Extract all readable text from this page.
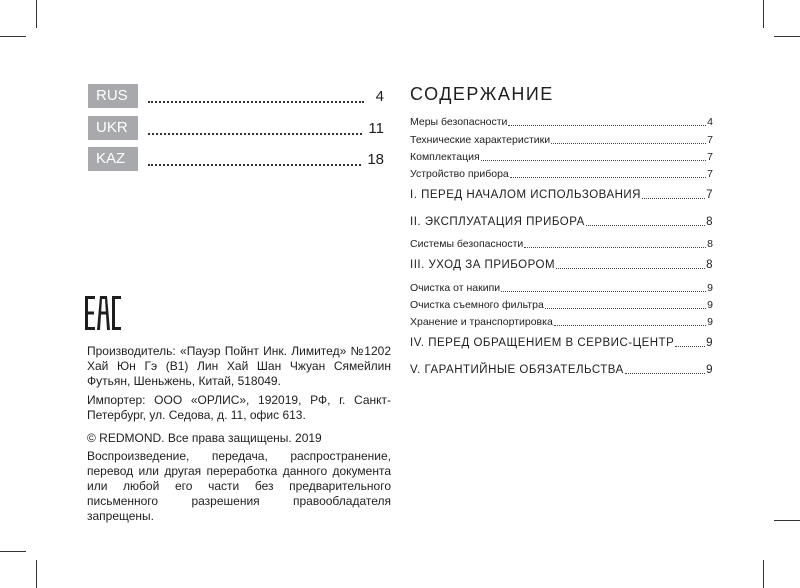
RUS	4
UKR	11
KAZ	18
Производитель: «Пауэр Пойнт Инк. Лимитед» №1202 Хай Юн Гэ (B1) Лин Хай Шан Чжуан Сямейлин Футьян, Шеньжень, Китай, 518049.
Импортер: ООО «ОРЛИС», 192019, РФ, г. Санкт-Петербург, ул. Седова, д. 11, офис 613.
© REDMOND. Все права защищены. 2019
Воспроизведение, передача, распространение, перевод или другая переработка данного документа или любой его части без предварительного письменного разрешения правообладателя запрещены.
СОДЕРЖАНИЕ
Меры безопасности	4
Технические характеристики	7
Комплектация	7
Устройство прибора	7
I. ПЕРЕД НАЧАЛОМ ИСПОЛЬЗОВАНИЯ	7
II. ЭКСПЛУАТАЦИЯ ПРИБОРА	8
Системы безопасности	8
III. УХОД ЗА ПРИБОРОМ	8
Очистка от накипи	9
Очистка съемного фильтра	9
Хранение и транспортировка	9
IV. ПЕРЕД ОБРАЩЕНИЕМ В СЕРВИС-ЦЕНТР	9
V. ГАРАНТИЙНЫЕ ОБЯЗАТЕЛЬСТВА	9
